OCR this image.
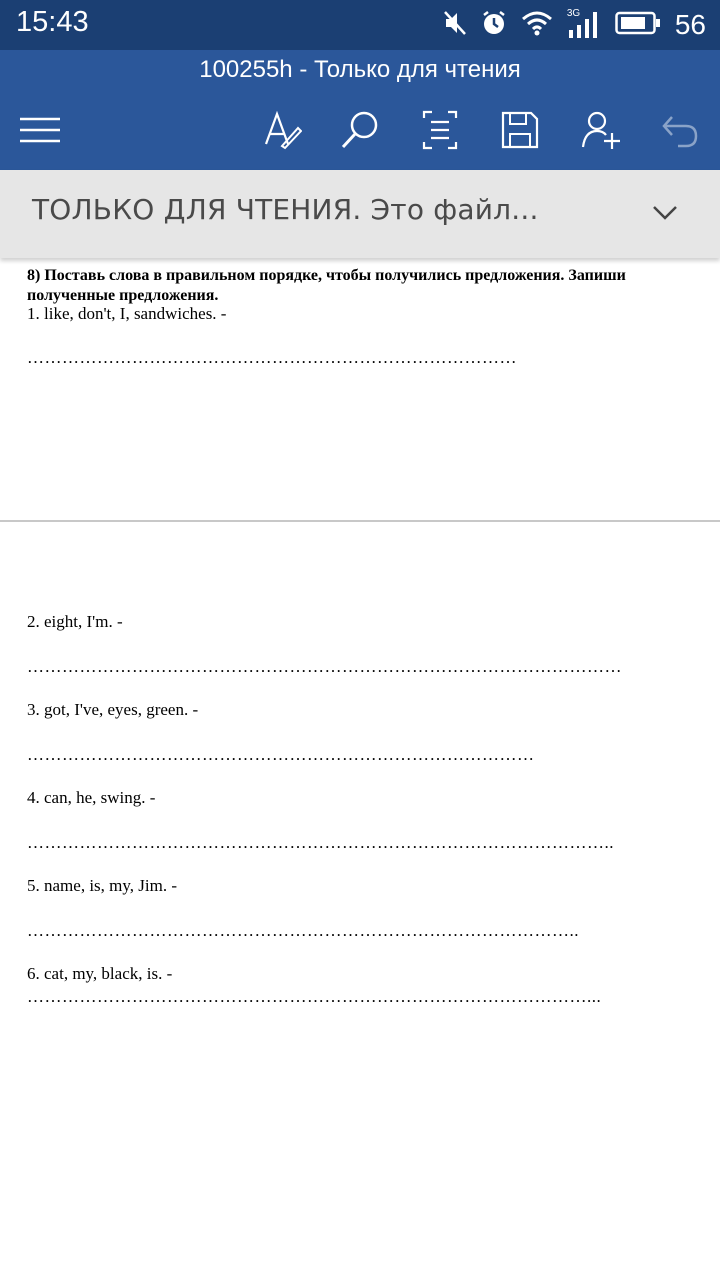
15:43	3G	56
100255h - Только для чтения
ТОЛЬКО ДЛЯ ЧТЕНИЯ. Это файл...
8) Поставь слова в правильном порядке, чтобы получились предложения. Запиши полученные предложения.
1. like, don't, I, sandwiches. -
…………………………………………………………………………
2. eight, I'm. -
…………………………………………………………………………………………
3. got, I've, eyes, green. -
……………………………………………………………………………
4. can, he, swing. -
………………………………………………………………………………………..
5. name, is, my, Jim. -
…………………………………………………………………………………..
6. cat, my, black, is. -
……………………………………………………………………………………...
